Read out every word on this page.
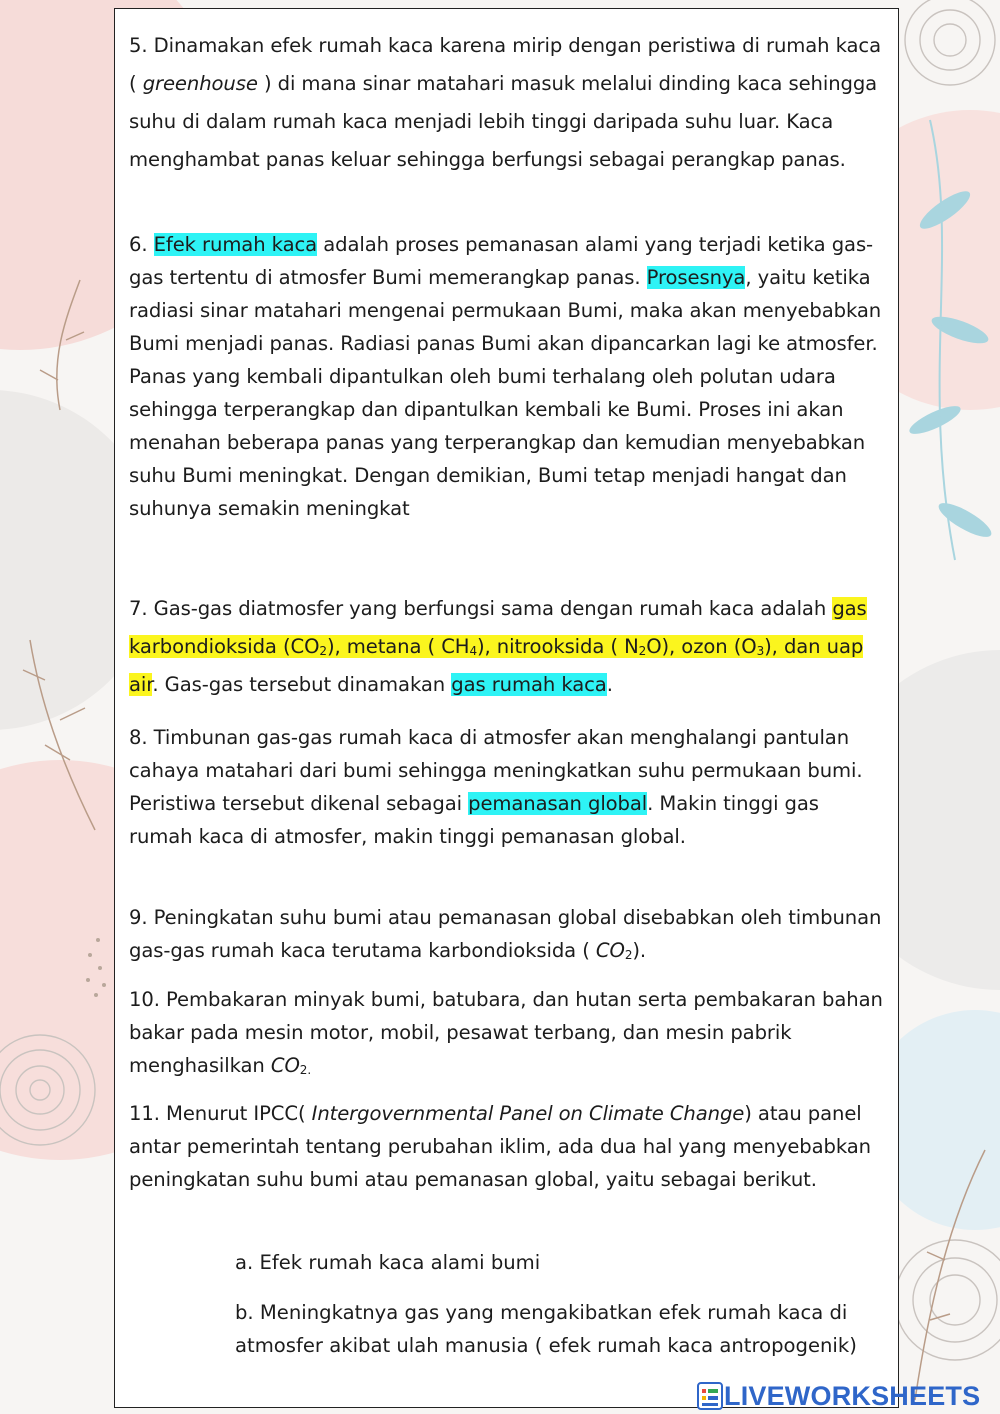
5. Dinamakan efek rumah kaca karena mirip dengan peristiwa di rumah kaca ( greenhouse ) di mana sinar matahari masuk melalui dinding kaca sehingga suhu di dalam rumah kaca menjadi lebih tinggi daripada suhu luar. Kaca menghambat panas keluar sehingga berfungsi sebagai perangkap panas.

6. Efek rumah kaca adalah proses pemanasan alami yang terjadi ketika gas-gas tertentu di atmosfer Bumi memerangkap panas. Prosesnya, yaitu ketika radiasi sinar matahari mengenai permukaan Bumi, maka akan menyebabkan Bumi menjadi panas. Radiasi panas Bumi akan dipancarkan lagi ke atmosfer. Panas yang kembali dipantulkan oleh bumi terhalang oleh polutan udara sehingga terperangkap dan dipantulkan kembali ke Bumi. Proses ini akan menahan beberapa panas yang terperangkap dan kemudian menyebabkan suhu Bumi meningkat. Dengan demikian, Bumi tetap menjadi hangat dan suhunya semakin meningkat

7. Gas-gas diatmosfer yang berfungsi sama dengan rumah kaca adalah gas karbondioksida $(CO_2)$, metana ( $CH_4$), nitrooksida ( $N_2O$), ozon $(O_3)$, dan uap air. Gas-gas tersebut dinamakan gas rumah kaca.

8. Timbunan gas-gas rumah kaca di atmosfer akan menghalangi pantulan cahaya matahari dari bumi sehingga meningkatkan suhu permukaan bumi. Peristiwa tersebut dikenal sebagai pemanasan global. Makin tinggi gas rumah kaca di atmosfer, makin tinggi pemanasan global.

9. Peningkatan suhu bumi atau pemanasan global disebabkan oleh timbunan gas-gas rumah kaca terutama karbondioksida ( $CO_2$).

10. Pembakaran minyak bumi, batubara, dan hutan serta pembakaran bahan bakar pada mesin motor, mobil, pesawat terbang, dan mesin pabrik menghasilkan $CO_{2.}$

11. Menurut IPCC( Intergovernmental Panel on Climate Change) atau panel antar pemerintah tentang perubahan iklim, ada dua hal yang menyebabkan peningkatan suhu bumi atau pemanasan global, yaitu sebagai berikut.

a. Efek rumah kaca alami bumi

b. Meningkatnya gas yang mengakibatkan efek rumah kaca di atmosfer akibat ulah manusia ( efek rumah kaca antropogenik)

LIVEWORKSHEETS
